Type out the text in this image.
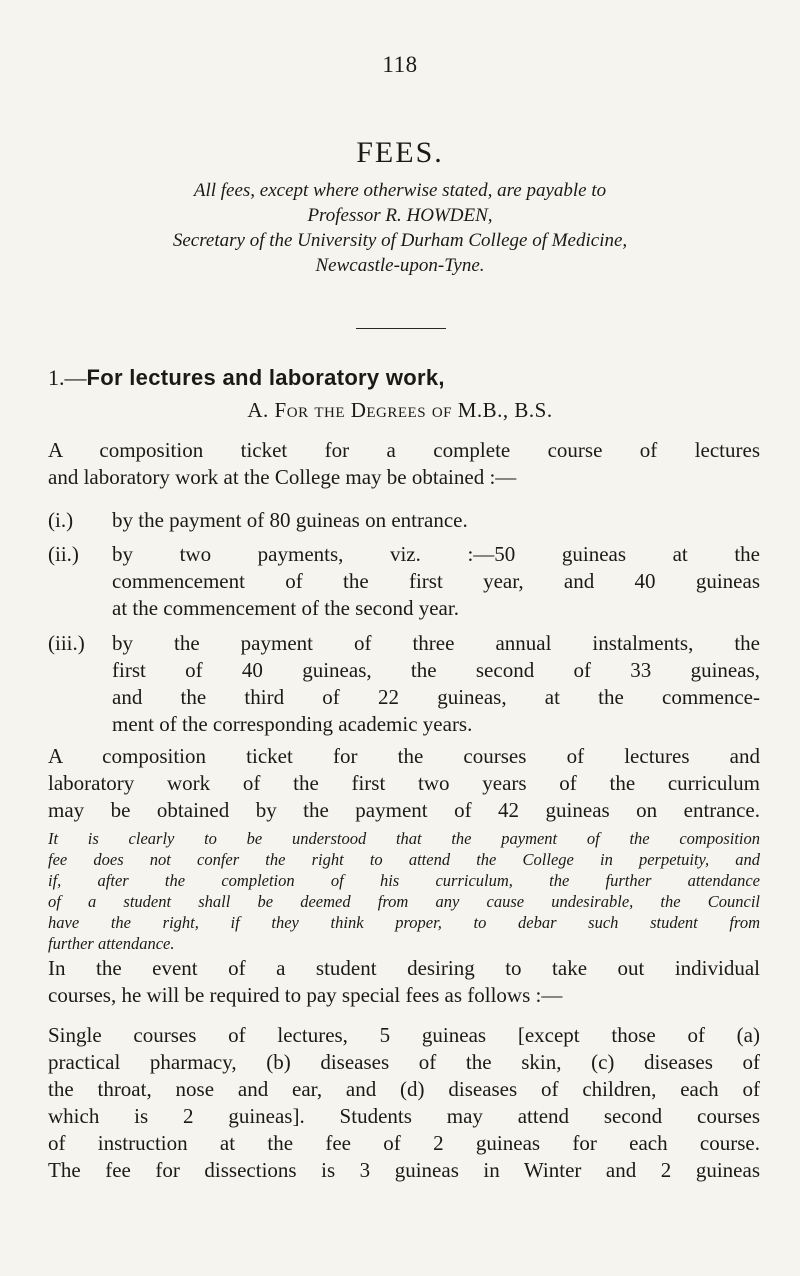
118
FEES.
All fees, except where otherwise stated, are payable to
Professor R. HOWDEN,
Secretary of the University of Durham College of Medicine,
Newcastle-upon-Tyne.
1.—For lectures and laboratory work,
A. For the Degrees of M.B., B.S.
A composition ticket for a complete course of lectures
and laboratory work at the College may be obtained :—
(i.) by the payment of 80 guineas on entrance.
(ii.) by two payments, viz. :—50 guineas at the
commencement of the first year, and 40 guineas
at the commencement of the second year.
(iii.) by the payment of three annual instalments, the
first of 40 guineas, the second of 33 guineas,
and the third of 22 guineas, at the commence-
ment of the corresponding academic years.
A composition ticket for the courses of lectures and
laboratory work of the first two years of the curriculum
may be obtained by the payment of 42 guineas on entrance.
It is clearly to be understood that the payment of the composition
fee does not confer the right to attend the College in perpetuity, and
if, after the completion of his curriculum, the further attendance
of a student shall be deemed from any cause undesirable, the Council
have the right, if they think proper, to debar such student from
further attendance.
In the event of a student desiring to take out individual
courses, he will be required to pay special fees as follows :—
Single courses of lectures, 5 guineas [except those of (a)
practical pharmacy, (b) diseases of the skin, (c) diseases of
the throat, nose and ear, and (d) diseases of children, each of
which is 2 guineas]. Students may attend second courses
of instruction at the fee of 2 guineas for each course.
The fee for dissections is 3 guineas in Winter and 2 guineas
